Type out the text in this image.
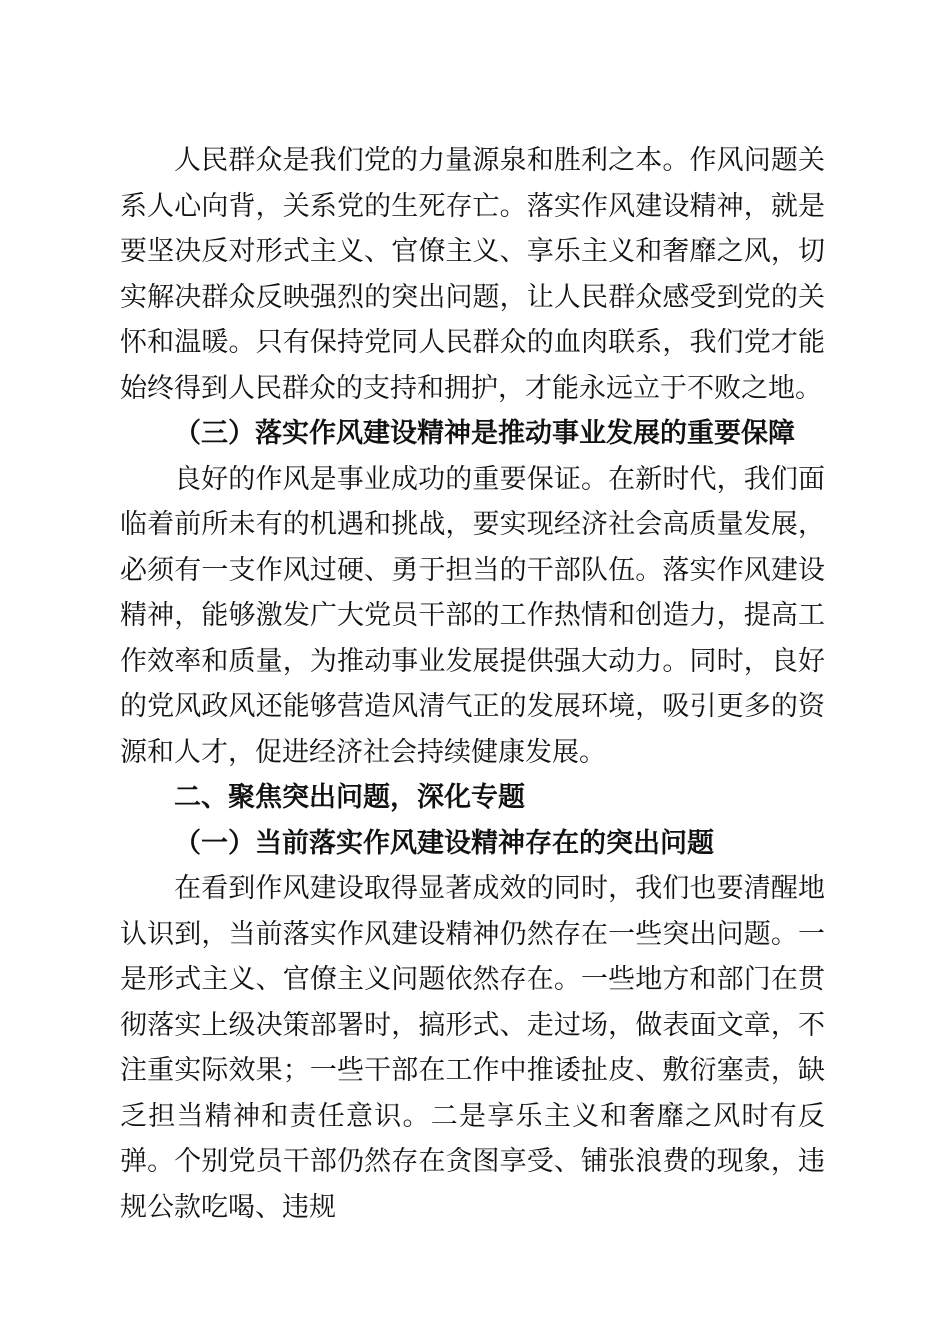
人民群众是我们党的力量源泉和胜利之本。作风问题关系人心向背，关系党的生死存亡。落实作风建设精神，就是要坚决反对形式主义、官僚主义、享乐主义和奢靡之风，切实解决群众反映强烈的突出问题，让人民群众感受到党的关怀和温暖。只有保持党同人民群众的血肉联系，我们党才能始终得到人民群众的支持和拥护，才能永远立于不败之地。

（三）落实作风建设精神是推动事业发展的重要保障

良好的作风是事业成功的重要保证。在新时代，我们面临着前所未有的机遇和挑战，要实现经济社会高质量发展，必须有一支作风过硬、勇于担当的干部队伍。落实作风建设精神，能够激发广大党员干部的工作热情和创造力，提高工作效率和质量，为推动事业发展提供强大动力。同时，良好的党风政风还能够营造风清气正的发展环境，吸引更多的资源和人才，促进经济社会持续健康发展。

二、聚焦突出问题，深化专题

（一）当前落实作风建设精神存在的突出问题

在看到作风建设取得显著成效的同时，我们也要清醒地认识到，当前落实作风建设精神仍然存在一些突出问题。一是形式主义、官僚主义问题依然存在。一些地方和部门在贯彻落实上级决策部署时，搞形式、走过场，做表面文章，不注重实际效果；一些干部在工作中推诿扯皮、敷衍塞责，缺乏担当精神和责任意识。二是享乐主义和奢靡之风时有反弹。个别党员干部仍然存在贪图享受、铺张浪费的现象，违规公款吃喝、违规
